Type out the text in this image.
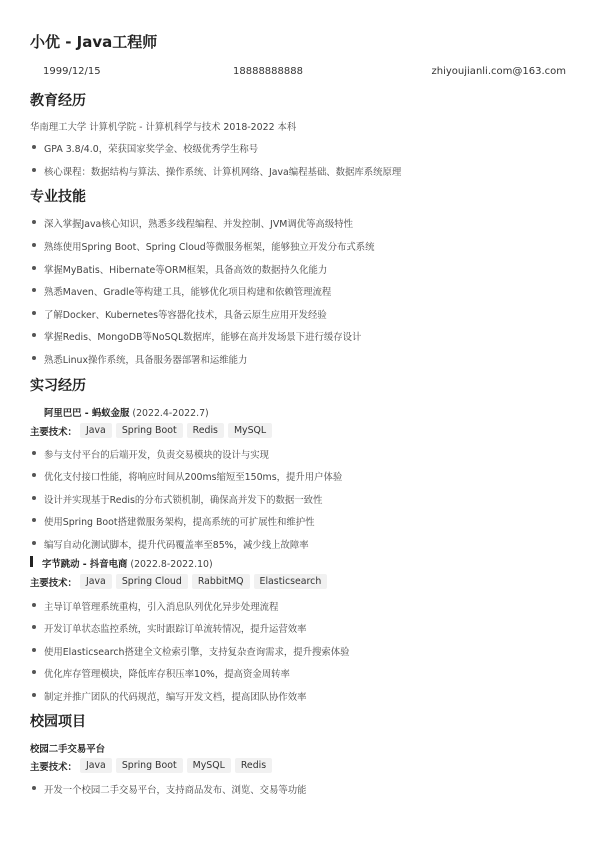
小优 - Java工程师
1999/12/15	18888888888	zhiyoujianli.com@163.com
教育经历
华南理工大学 计算机学院 - 计算机科学与技术 2018-2022 本科
GPA 3.8/4.0，荣获国家奖学金、校级优秀学生称号
核心课程：数据结构与算法、操作系统、计算机网络、Java编程基础、数据库系统原理
专业技能
深入掌握Java核心知识，熟悉多线程编程、并发控制、JVM调优等高级特性
熟练使用Spring Boot、Spring Cloud等微服务框架，能够独立开发分布式系统
掌握MyBatis、Hibernate等ORM框架，具备高效的数据持久化能力
熟悉Maven、Gradle等构建工具，能够优化项目构建和依赖管理流程
了解Docker、Kubernetes等容器化技术，具备云原生应用开发经验
掌握Redis、MongoDB等NoSQL数据库，能够在高并发场景下进行缓存设计
熟悉Linux操作系统，具备服务器部署和运维能力
实习经历
阿里巴巴 - 蚂蚁金服 (2022.4-2022.7)
主要技术： Java	Spring Boot	Redis	MySQL
参与支付平台的后端开发，负责交易模块的设计与实现
优化支付接口性能，将响应时间从200ms缩短至150ms，提升用户体验
设计并实现基于Redis的分布式锁机制，确保高并发下的数据一致性
使用Spring Boot搭建微服务架构，提高系统的可扩展性和维护性
编写自动化测试脚本，提升代码覆盖率至85%，减少线上故障率
字节跳动 - 抖音电商 (2022.8-2022.10)
主要技术： Java	Spring Cloud	RabbitMQ	Elasticsearch
主导订单管理系统重构，引入消息队列优化异步处理流程
开发订单状态监控系统，实时跟踪订单流转情况，提升运营效率
使用Elasticsearch搭建全文检索引擎，支持复杂查询需求，提升搜索体验
优化库存管理模块，降低库存积压率10%，提高资金周转率
制定并推广团队的代码规范，编写开发文档，提高团队协作效率
校园项目
校园二手交易平台
主要技术： Java	Spring Boot	MySQL	Redis
开发一个校园二手交易平台，支持商品发布、浏览、交易等功能
